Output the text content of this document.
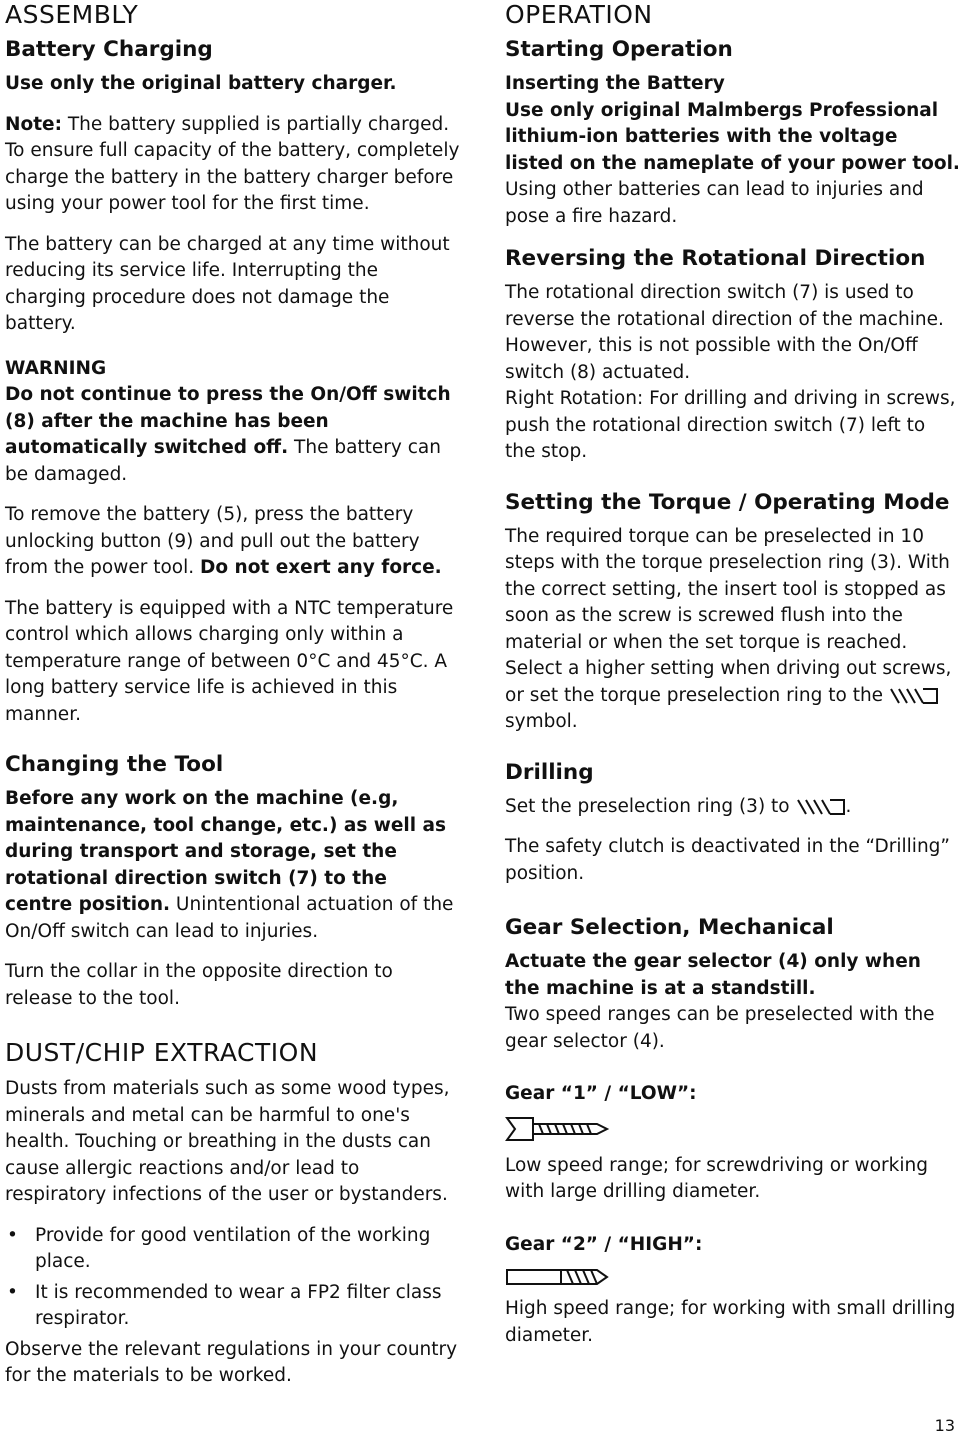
ASSEMBLY
Battery Charging

Use only the original battery charger.

Note: The battery supplied is partially charged. To ensure full capacity of the battery, completely charge the battery in the battery charger before using your power tool for the first time.

The battery can be charged at any time without reducing its service life. Interrupting the charging procedure does not damage the battery.

WARNING

Do not continue to press the On/Off switch (8) after the machine has been automatically switched off. The battery can be damaged.

To remove the battery (5), press the battery unlocking button (9) and pull out the battery from the power tool. Do not exert any force.

The battery is equipped with a NTC temperature control which allows charging only within a temperature range of between 0°C and 45°C. A long battery service life is achieved in this manner.

Changing the Tool

Before any work on the machine (e.g, maintenance, tool change, etc.) as well as during transport and storage, set the rotational direction switch (7) to the centre position. Unintentional actuation of the On/Off switch can lead to injuries.

Turn the collar in the opposite direction to release to the tool.

DUST/CHIP EXTRACTION

Dusts from materials such as some wood types, minerals and metal can be harmful to one's health. Touching or breathing in the dusts can cause allergic reactions and/or lead to respiratory infections of the user or bystanders.

• Provide for good ventilation of the working place.
• It is recommended to wear a FP2 filter class respirator.

Observe the relevant regulations in your country for the materials to be worked.

OPERATION
Starting Operation

Inserting the Battery

Use only original Malmbergs Professional lithium-ion batteries with the voltage listed on the nameplate of your power tool. Using other batteries can lead to injuries and pose a fire hazard.

Reversing the Rotational Direction

The rotational direction switch (7) is used to reverse the rotational direction of the machine. However, this is not possible with the On/Off switch (8) actuated.

Right Rotation: For drilling and driving in screws, push the rotational direction switch (7) left to the stop.

Setting the Torque / Operating Mode

The required torque can be preselected in 10 steps with the torque preselection ring (3). With the correct setting, the insert tool is stopped as soon as the screw is screwed flush into the material or when the set torque is reached. Select a higher setting when driving out screws, or set the torque preselection ring to the  symbol.

Drilling

Set the preselection ring (3) to	.

The safety clutch is deactivated in the “Drilling” position.

Gear Selection, Mechanical

Actuate the gear selector (4) only when the machine is at a standstill.

Two speed ranges can be preselected with the gear selector (4).

Gear “1” / “LOW”:

Low speed range; for screwdriving or working with large drilling diameter.

Gear “2” / “HIGH”:

High speed range; for working with small drilling diameter.

13
